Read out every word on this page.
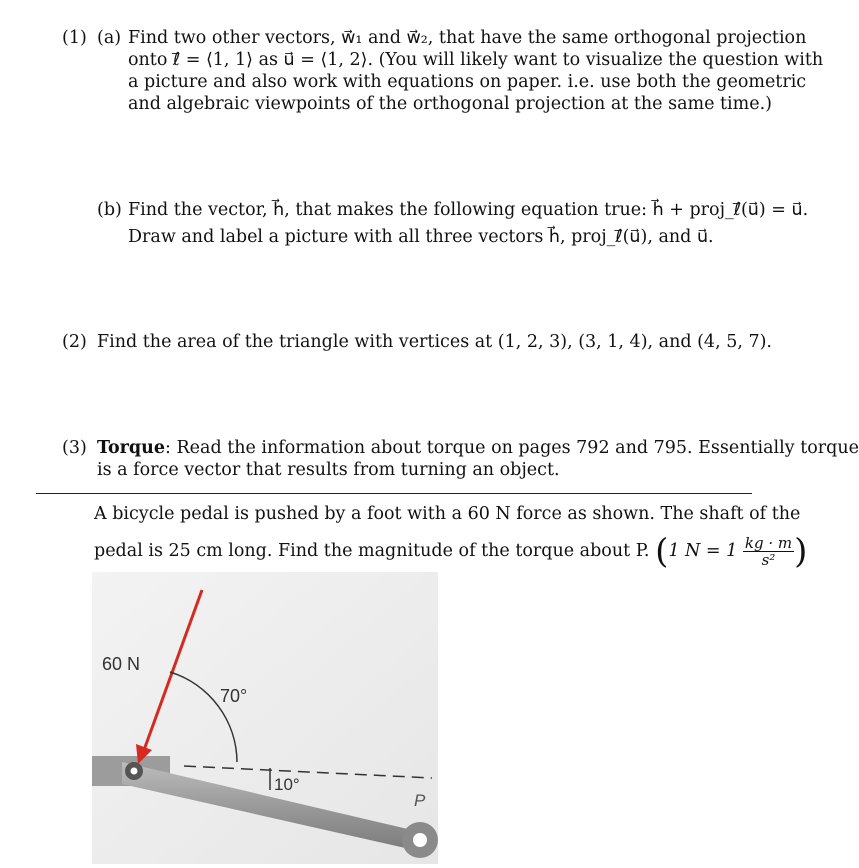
(1) (a) Find two other vectors, w⃗₁ and w⃗₂, that have the same orthogonal projection
onto ℓ⃗ = ⟨1, 1⟩ as u⃗ = ⟨1, 2⟩. (You will likely want to visualize the question with
a picture and also work with equations on paper. i.e. use both the geometric
and algebraic viewpoints of the orthogonal projection at the same time.)
(b) Find the vector, h⃗, that makes the following equation true: h⃗ + proj_ℓ⃗(u⃗) = u⃗.
Draw and label a picture with all three vectors h⃗, proj_ℓ⃗(u⃗), and u⃗.
(2) Find the area of the triangle with vertices at (1, 2, 3), (3, 1, 4), and (4, 5, 7).
(3) Torque: Read the information about torque on pages 792 and 795. Essentially torque
is a force vector that results from turning an object.
A bicycle pedal is pushed by a foot with a 60 N force as shown. The shaft of the
pedal is 25 cm long. Find the magnitude of the torque about P. (1 $N = 1 \frac{kg \cdot m}{\text{s²}}$ )
60 N
70°
10°
P
